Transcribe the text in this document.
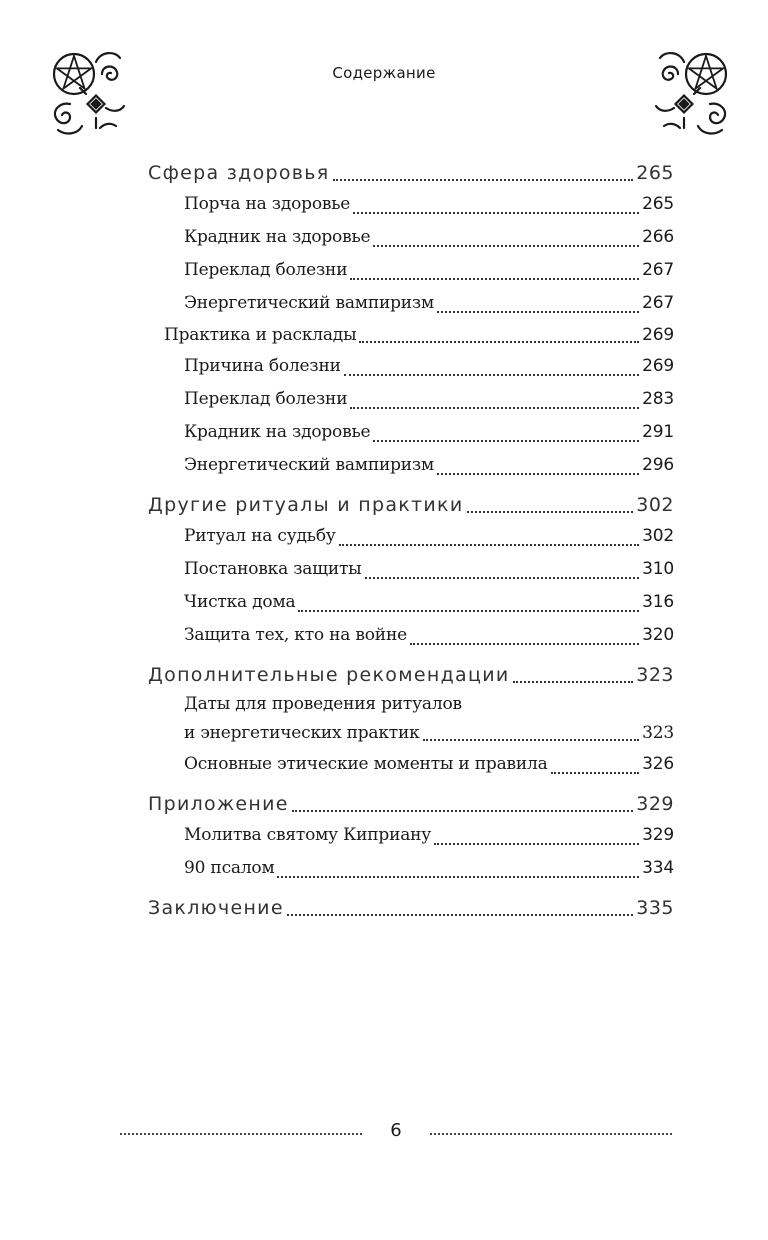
Содержание
Сфера здоровья	265
Порча на здоровье	265
Крадник на здоровье	266
Переклад болезни	267
Энергетический вампиризм	267
Практика и расклады	269
Причина болезни	269
Переклад болезни	283
Крадник на здоровье	291
Энергетический вампиризм	296
Другие ритуалы и практики	302
Ритуал на судьбу	302
Постановка защиты	310
Чистка дома	316
Защита тех, кто на войне	320
Дополнительные рекомендации	323
Даты для проведения ритуалов
и энергетических практик	323
Основные этические моменты и правила	326
Приложение	329
Молитва святому Киприану	329
90 псалом	334
Заключение	335
6
